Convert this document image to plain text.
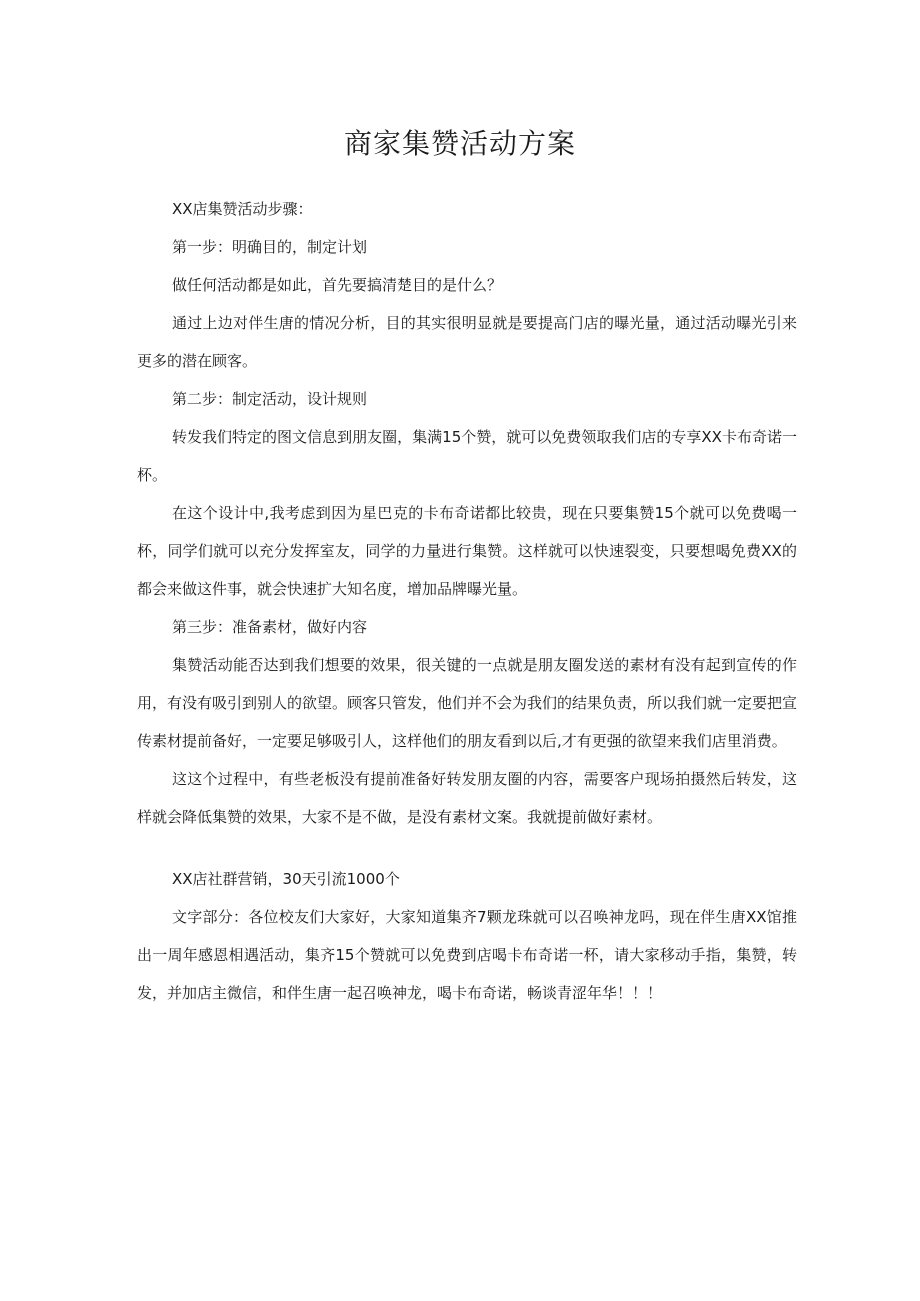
商家集赞活动方案

XX店集赞活动步骤：

第一步：明确目的，制定计划

做任何活动都是如此，首先要搞清楚目的是什么？

通过上边对伴生唐的情况分析，目的其实很明显就是要提高门店的曝光量，通过活动曝光引来更多的潜在顾客。

第二步：制定活动，设计规则

转发我们特定的图文信息到朋友圈，集满15个赞，就可以免费领取我们店的专享XX卡布奇诺一杯。

在这个设计中,我考虑到因为星巴克的卡布奇诺都比较贵，现在只要集赞15个就可以免费喝一杯，同学们就可以充分发挥室友，同学的力量进行集赞。这样就可以快速裂变，只要想喝免费XX的都会来做这件事，就会快速扩大知名度，增加品牌曝光量。

第三步：准备素材，做好内容

集赞活动能否达到我们想要的效果，很关键的一点就是朋友圈发送的素材有没有起到宣传的作用，有没有吸引到别人的欲望。顾客只管发，他们并不会为我们的结果负责，所以我们就一定要把宣传素材提前备好，一定要足够吸引人，这样他们的朋友看到以后,才有更强的欲望来我们店里消费。

这这个过程中，有些老板没有提前准备好转发朋友圈的内容，需要客户现场拍摄然后转发，这样就会降低集赞的效果，大家不是不做，是没有素材文案。我就提前做好素材。

XX店社群营销，30天引流1000个

文字部分：各位校友们大家好，大家知道集齐7颗龙珠就可以召唤神龙吗，现在伴生唐XX馆推出一周年感恩相遇活动，集齐15个赞就可以免费到店喝卡布奇诺一杯，请大家移动手指，集赞，转发，并加店主微信，和伴生唐一起召唤神龙，喝卡布奇诺，畅谈青涩年华！！！
